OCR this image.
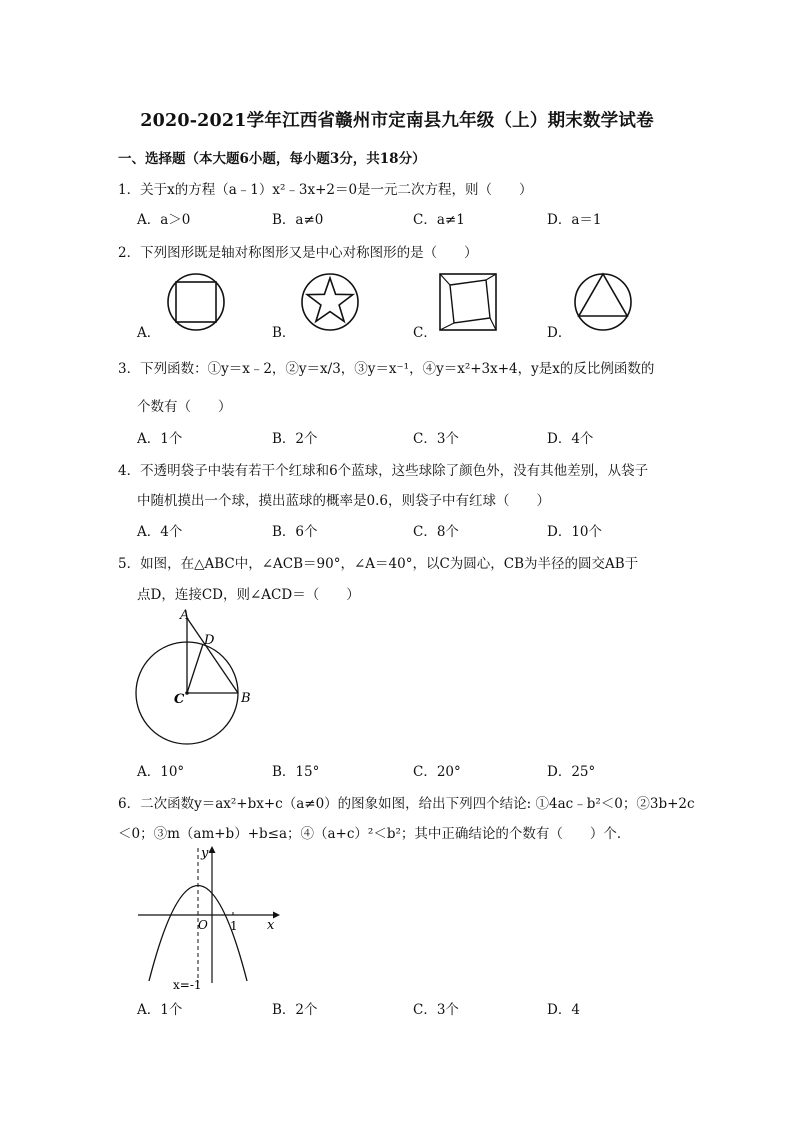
2020-2021学年江西省赣州市定南县九年级（上）期末数学试卷
一、选择题（本大题6小题，每小题3分，共18分）
1．关于x的方程（a﹣1）x²﹣3x+2＝0是一元二次方程，则（　　）
A．a＞0	B．a≠0	C．a≠1	D．a＝1
2．下列图形既是轴对称图形又是中心对称图形的是（　　）
A．	B．	C．	D．
3．下列函数：①y＝x﹣2，②y＝x/3，③y＝x⁻¹，④y＝x²+3x+4，y是x的反比例函数的
个数有（　　）
A．1个	B．2个	C．3个	D．4个
4．不透明袋子中装有若干个红球和6个蓝球，这些球除了颜色外，没有其他差别，从袋子
中随机摸出一个球，摸出蓝球的概率是0.6，则袋子中有红球（　　）
A．4个	B．6个	C．8个	D．10个
5．如图，在△ABC中，∠ACB＝90°，∠A＝40°，以C为圆心，CB为半径的圆交AB于
点D，连接CD，则∠ACD＝（　　）
A
D
C	B
A．10°	B．15°	C．20°	D．25°
6．二次函数y＝ax²+bx+c（a≠0）的图象如图，给出下列四个结论: ①4ac﹣b²＜0；②3b+2c
＜0；③m（am+b）+b≤a；④（a+c）²＜b²；其中正确结论的个数有（　　）个．
y
O 1 x
x=-1
A．1个	B．2个	C．3个	D．4
